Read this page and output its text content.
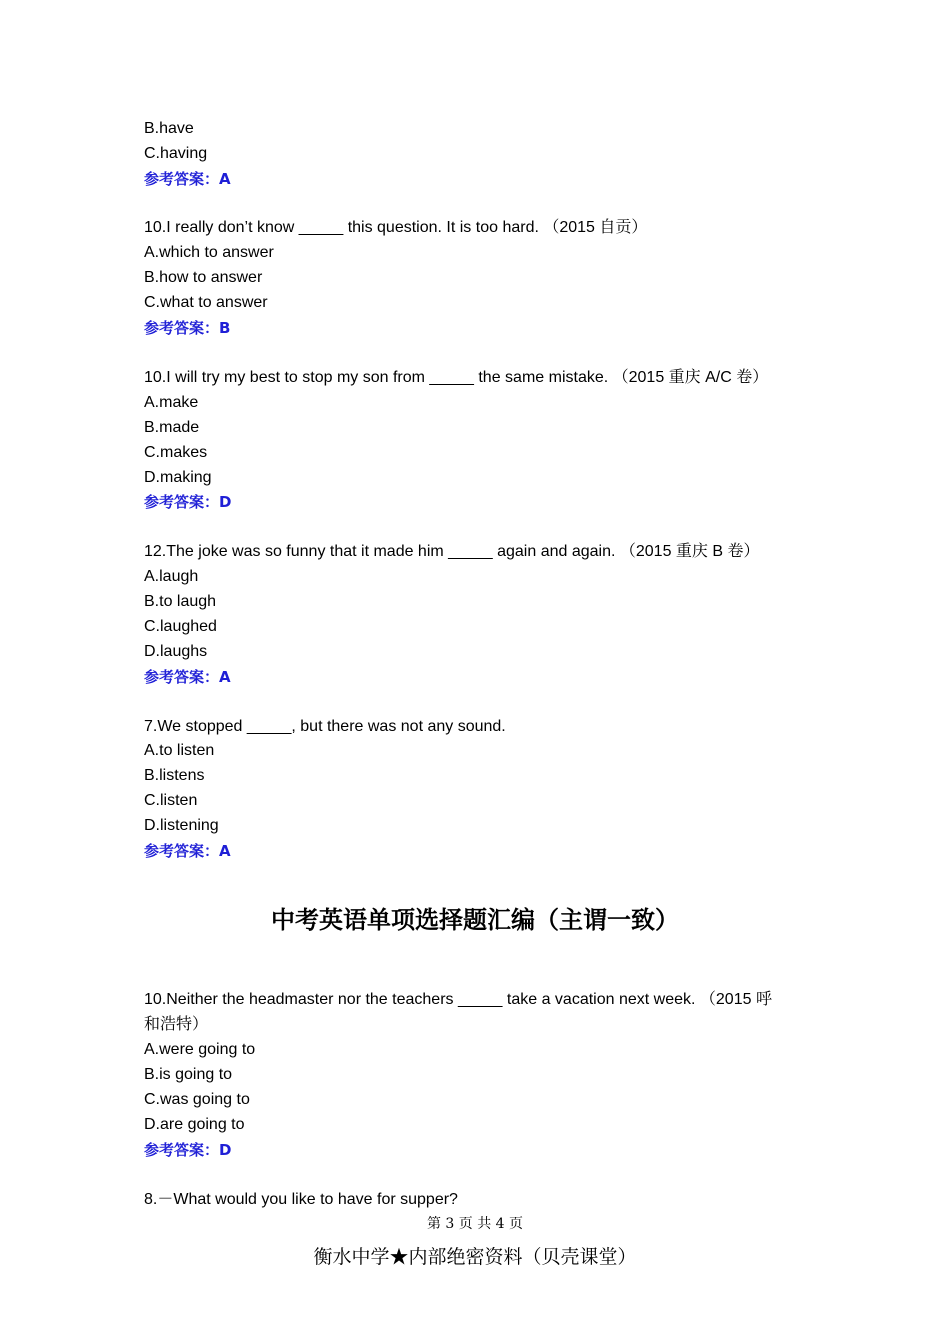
B.have
C.having
参考答案：A
10.I really don’t know _____ this question. It is too hard. （2015 自贡）
A.which to answer
B.how to answer
C.what to answer
参考答案：B
10.I will try my best to stop my son from _____ the same mistake. （2015 重庆 A/C 卷）
A.make
B.made
C.makes
D.making
参考答案：D
12.The joke was so funny that it made him _____ again and again. （2015 重庆 B 卷）
A.laugh
B.to laugh
C.laughed
D.laughs
参考答案：A
7.We stopped _____, but there was not any sound.
A.to listen
B.listens
C.listen
D.listening
参考答案：A
中考英语单项选择题汇编（主谓一致）
10.Neither the headmaster nor the teachers _____ take a vacation next week. （2015 呼
和浩特）
A.were going to
B.is going to
C.was going to
D.are going to
参考答案：D
8.－What would you like to have for supper?
第 3 页 共 4 页
衡水中学★内部绝密资料（贝壳课堂）
